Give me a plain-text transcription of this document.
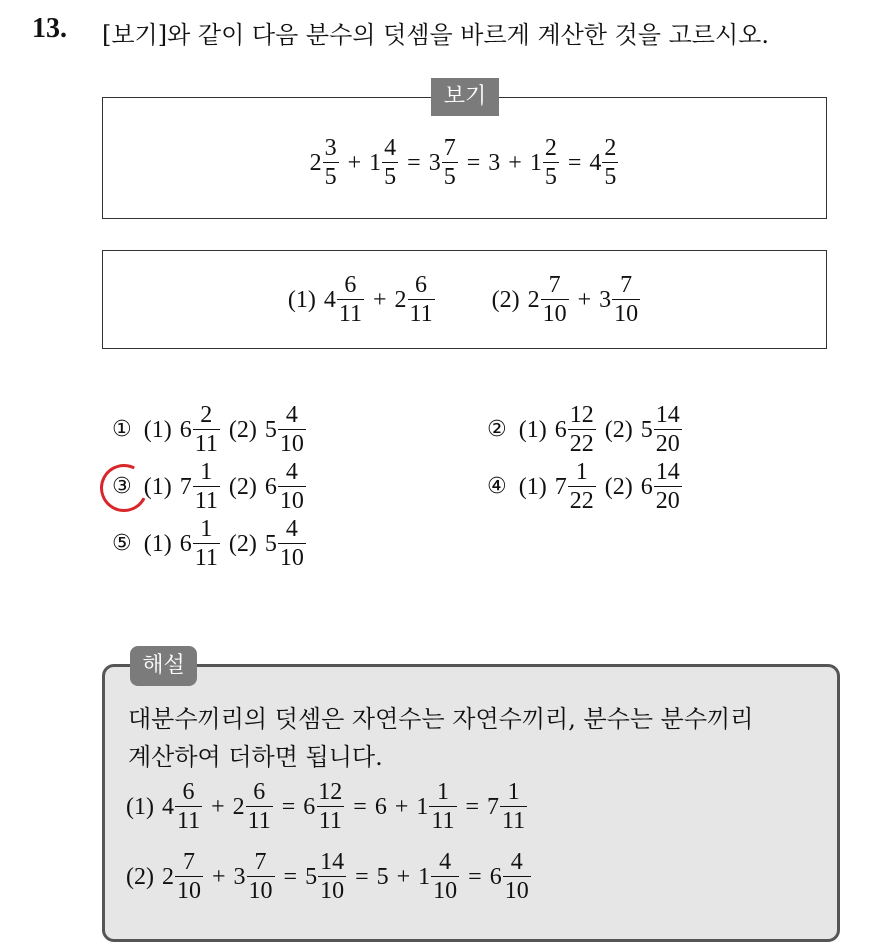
13. [보기]와 같이 다음 분수의 덧셈을 바르게 계산한 것을 고르시오.
$2 \frac{3}{5} + 1 \frac{4}{5} = 3 \frac{7}{5} = 3 + 1 \frac{2}{5} = 4 \frac{2}{5}$
보기
(1) $4 \frac{6}{11} + 2 \frac{6}{11} (2)$ $2 \frac{7}{10} + 3 \frac{7}{10}$
① (1) $6 \frac{2}{11} (2)$ $5 \frac{4}{10}$	② (1) $6 \frac{12}{22} (2)$ $5 \frac{14}{20}$
③ (1) $7 \frac{1}{11} (2)$ $6 \frac{4}{10}$	④ (1) $7 \frac{1}{22} (2)$ $6 \frac{14}{20}$
⑤ (1) $6 \frac{1}{11} (2)$ $5 \frac{4}{10}$
해설
대분수끼리의 덧셈은 자연수는 자연수끼리, 분수는 분수끼리
계산하여 더하면 됩니다.
(1) $4 \frac{6}{11} + 2 \frac{6}{11} = 6 \frac{12}{11} = 6 + 1 \frac{1}{11} = 7 \frac{1}{11}$
(2) $2 \frac{7}{10} + 3 \frac{7}{10} = 5 \frac{14}{10} = 5 + 1 \frac{4}{10} = 6 \frac{4}{10}$
